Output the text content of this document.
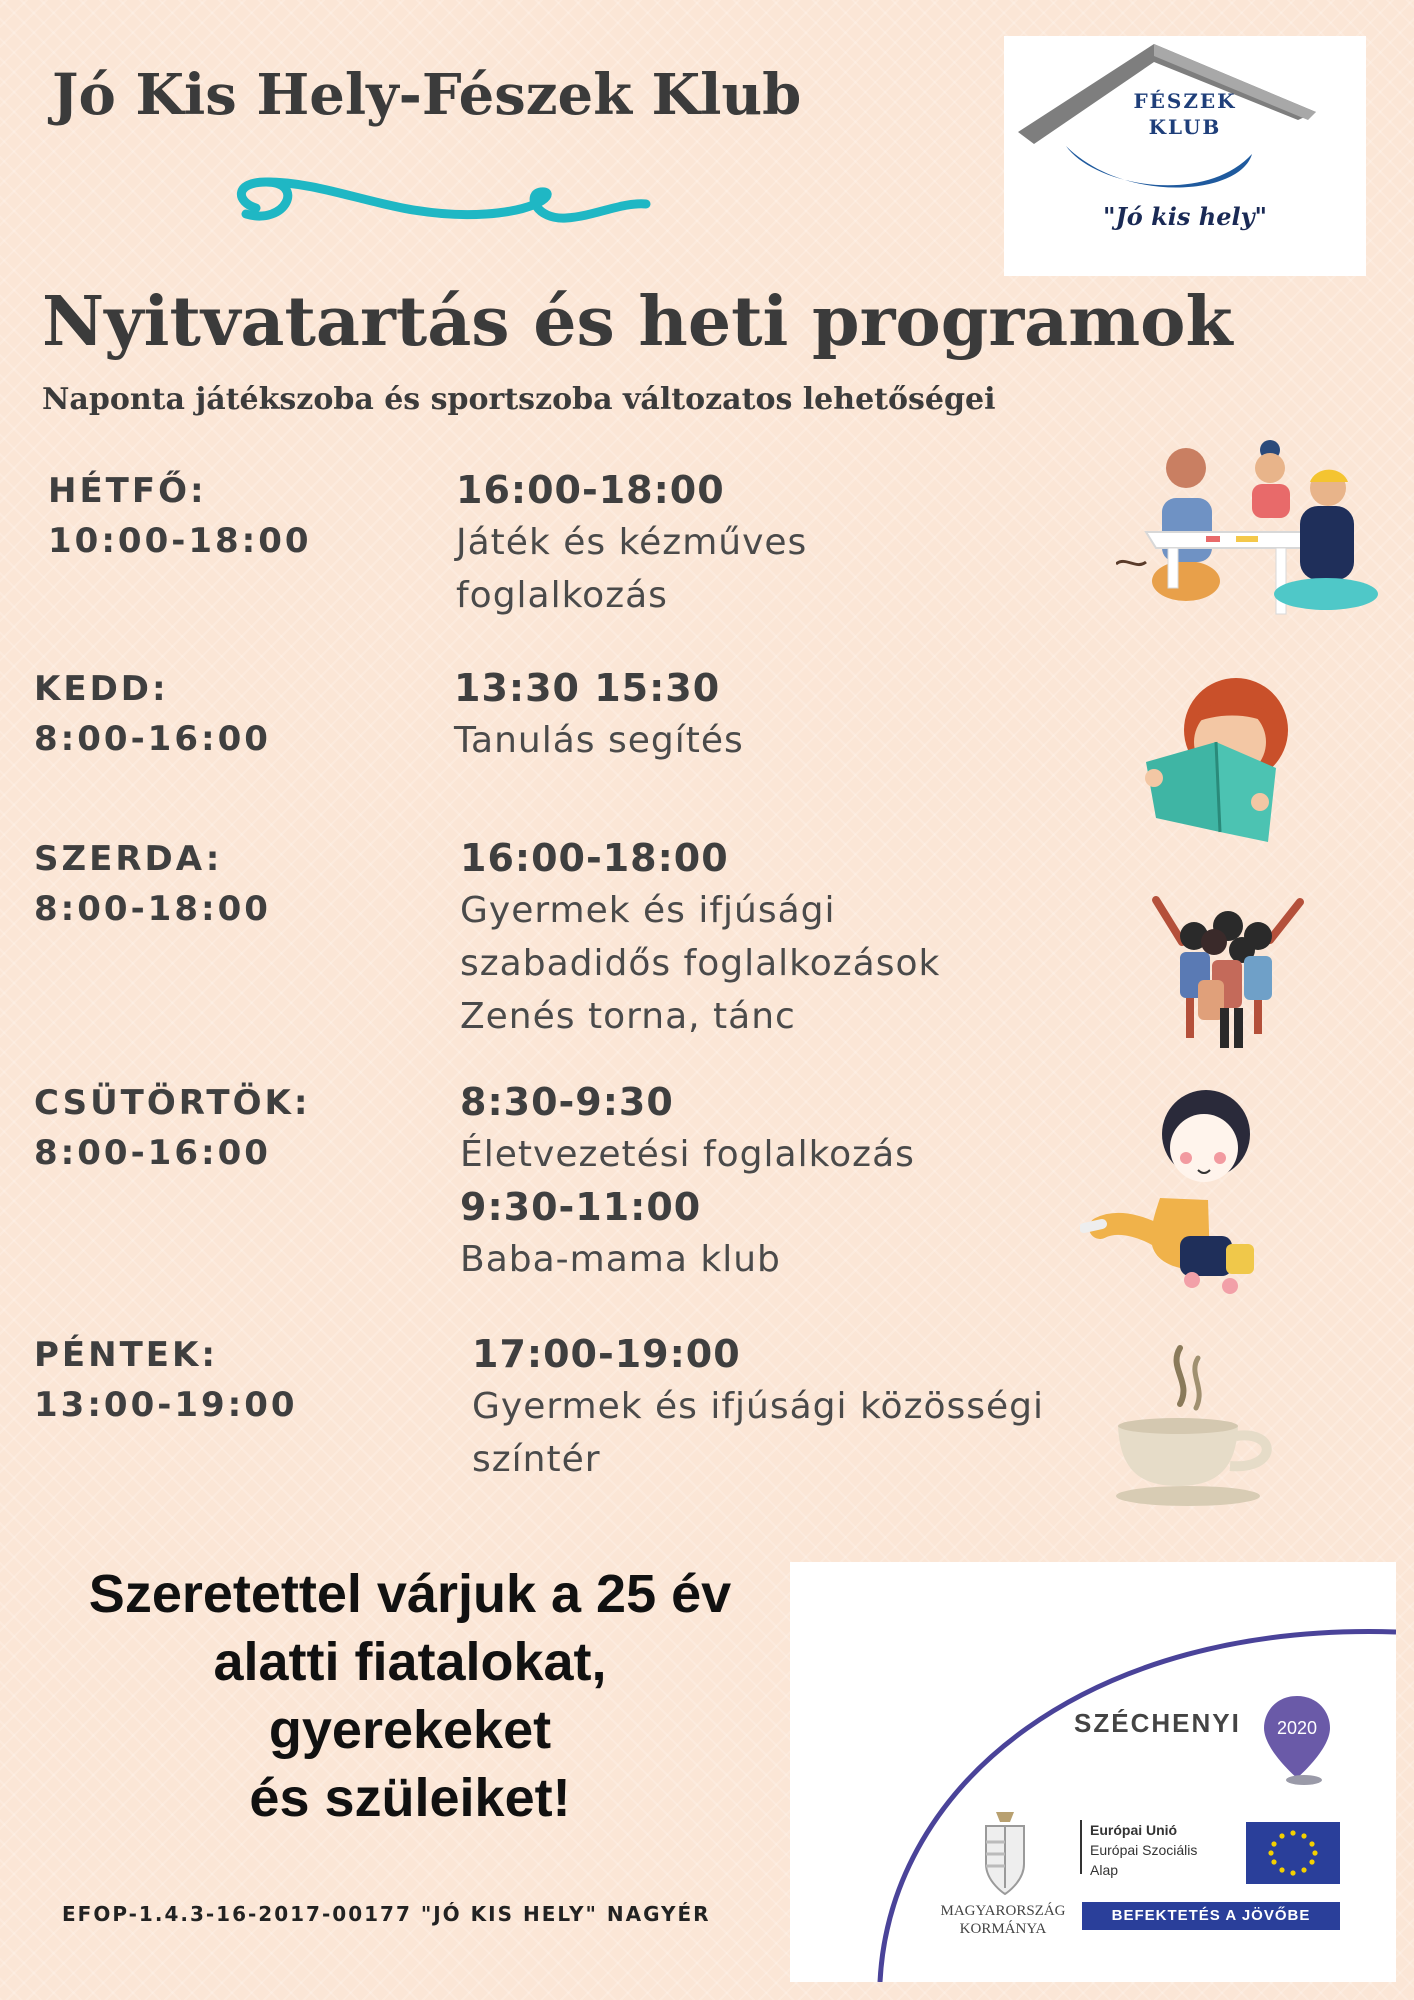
Jó Kis Hely-Fészek Klub	FÉSZEK
KLUB
"Jó kis hely"
Nyitvatartás és heti programok
Naponta játékszoba és sportszoba változatos lehetőségei
HÉTFŐ:
10:00-18:00
16:00-18:00
Játék és kézműves
foglalkozás
KEDD:
8:00-16:00
13:30 15:30
Tanulás segítés
SZERDA:
8:00-18:00
16:00-18:00
Gyermek és ifjúsági
szabadidős foglalkozások
Zenés torna, tánc
CSÜTÖRTÖK:
8:00-16:00
8:30-9:30
Életvezetési foglalkozás
9:30-11:00
Baba-mama klub
PÉNTEK:
13:00-19:00
17:00-19:00
Gyermek és ifjúsági közösségi
színtér
Szeretettel várjuk a 25 év
alatti fiatalokat,
gyerekeket
és szüleiket!
EFOP-1.4.3-16-2017-00177 "JÓ KIS HELY" NAGYÉR
SZÉCHENYI	2020
MAGYARORSZÁG
KORMÁNYA
Európai Unió
Európai Szociális
Alap
BEFEKTETÉS A JÖVŐBE
